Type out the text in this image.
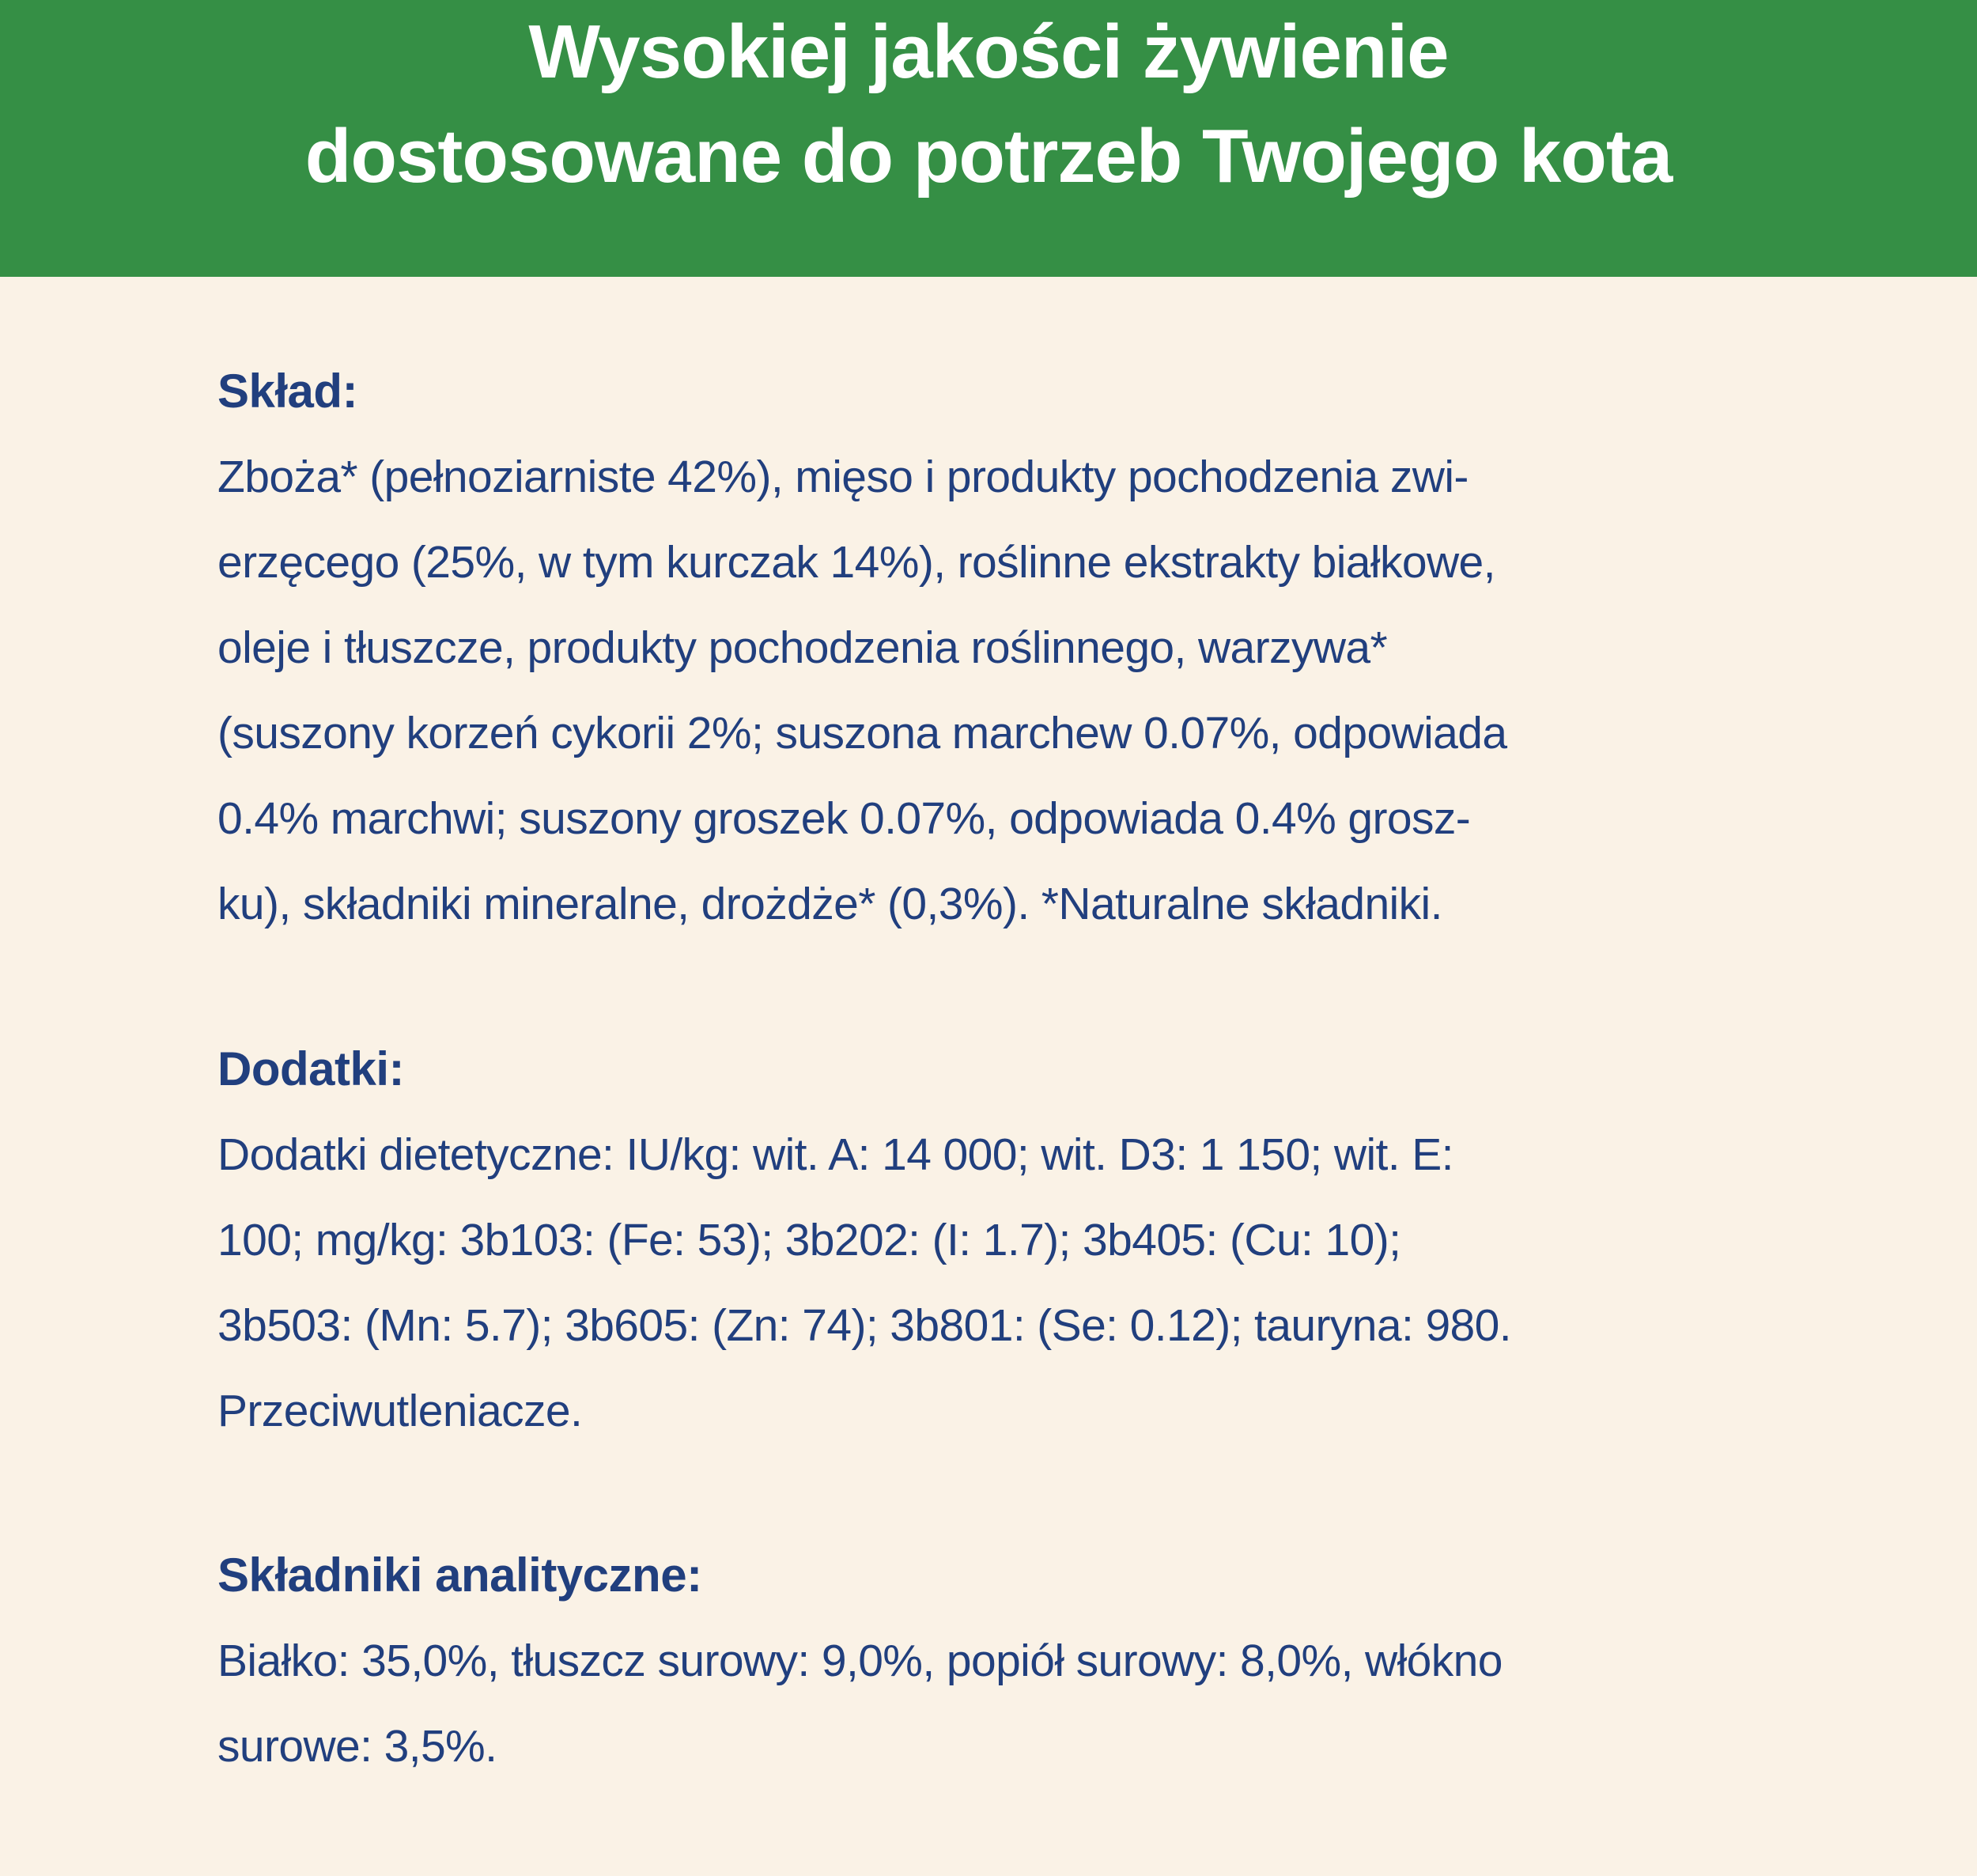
Wysokiej jakości żywienie
dostosowane do potrzeb Twojego kota
Skład:
Zboża* (pełnoziarniste 42%), mięso i produkty pochodzenia zwi-
erzęcego (25%, w tym kurczak 14%), roślinne ekstrakty białkowe,
oleje i tłuszcze, produkty pochodzenia roślinnego, warzywa*
(suszony korzeń cykorii 2%; suszona marchew 0.07%, odpowiada
0.4% marchwi; suszony groszek 0.07%, odpowiada 0.4% grosz-
ku), składniki mineralne, drożdże* (0,3%). *Naturalne składniki.
Dodatki:
Dodatki dietetyczne: IU/kg: wit. A: 14 000; wit. D3: 1 150; wit. E:
100; mg/kg: 3b103: (Fe: 53); 3b202: (I: 1.7); 3b405: (Cu: 10);
3b503: (Mn: 5.7); 3b605: (Zn: 74); 3b801: (Se: 0.12); tauryna: 980.
Przeciwutleniacze.
Składniki analityczne:
Białko: 35,0%, tłuszcz surowy: 9,0%, popiół surowy: 8,0%, włókno
surowe: 3,5%.
